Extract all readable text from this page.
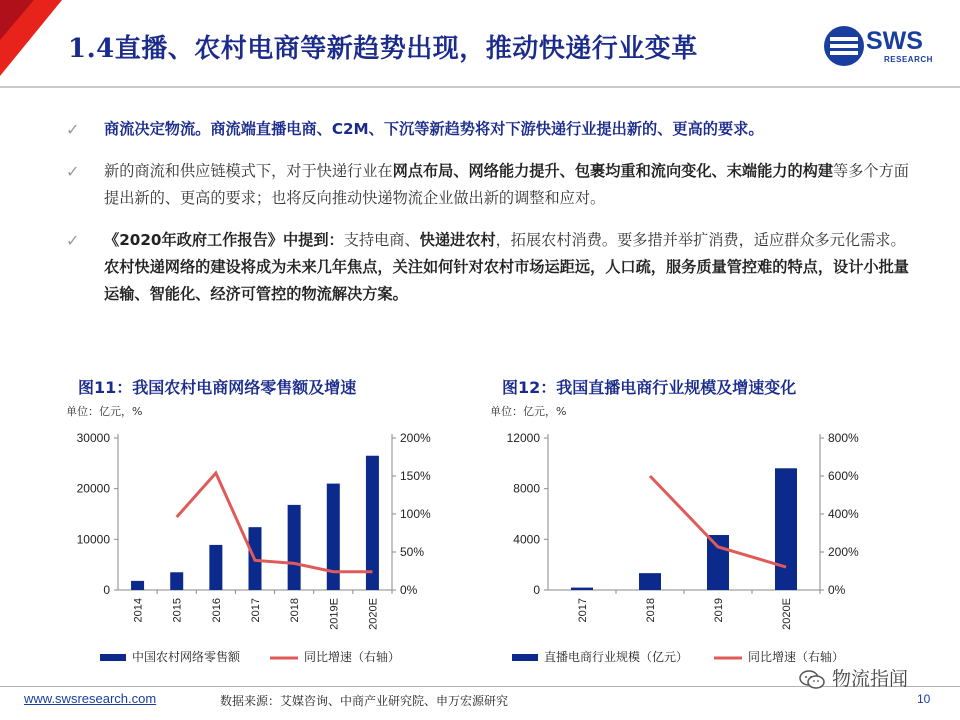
1.4直播、农村电商等新趋势出现，推动快递行业变革	SWS
RESEARCH
✓ 商流决定物流。商流端直播电商、C2M、下沉等新趋势将对下游快递行业提出新的、更高的要求。
✓ 新的商流和供应链模式下，对于快递行业在网点布局、网络能力提升、包裹均重和流向变化、末端能力的构建等多个方面提出新的、更高的要求；也将反向推动快递物流企业做出新的调整和应对。
✓ 《2020年政府工作报告》中提到：支持电商、快递进农村，拓展农村消费。要多措并举扩消费，适应群众多元化需求。农村快递网络的建设将成为未来几年焦点，关注如何针对农村市场运距远，人口疏，服务质量管控难的特点，设计小批量运输、智能化、经济可管控的物流解决方案。
图11：我国农村电商网络零售额及增速
单位：亿元，%
0
10000
20000
30000
0%
50%
100%
150%
200%
2014 2015 2016 2017 2018 2019E 2020E
中国农村网络零售额	同比增速（右轴）
图12：我国直播电商行业规模及增速变化
单位：亿元，%
0
4000
8000
12000
0%
200%
400%
600%
800%
2017	2018	2019	2020E
直播电商行业规模（亿元）	同比增速（右轴）
www.swsresearch.com	数据来源：艾媒咨询、中商产业研究院、申万宏源研究
物流指闻
10
